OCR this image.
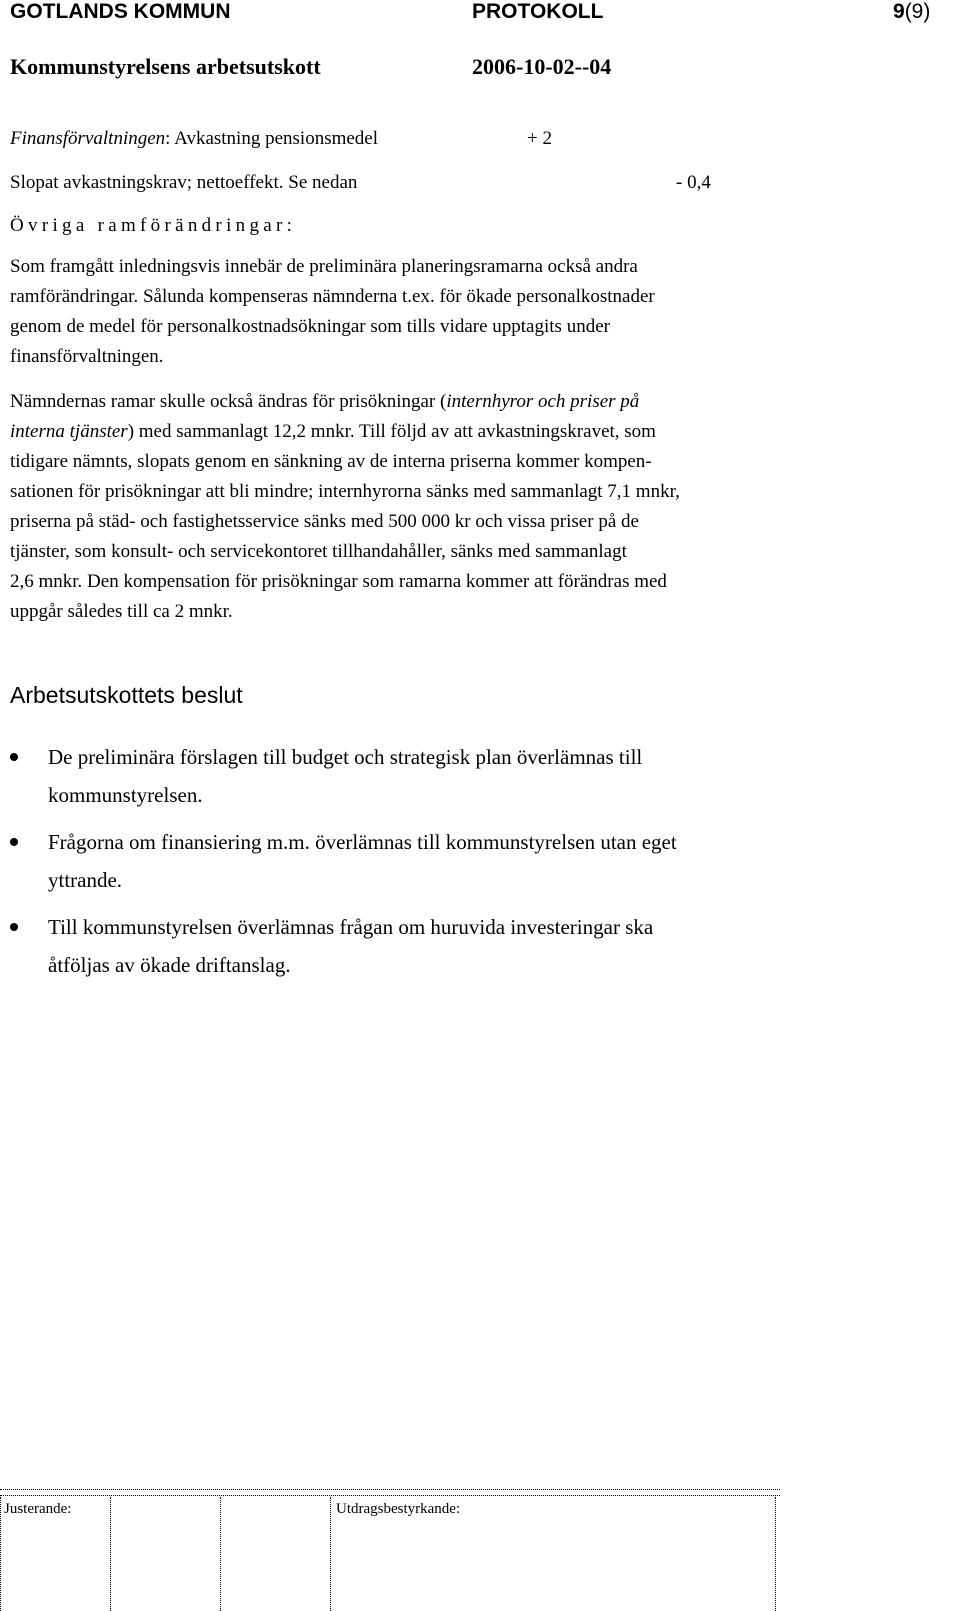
GOTLANDS KOMMUN	PROTOKOLL	9(9)
Kommunstyrelsens arbetsutskott	2006-10-02--04
Finansförvaltningen: Avkastning pensionsmedel	+ 2
Slopat avkastningskrav; nettoeffekt. Se nedan	- 0,4
Övriga ramförändringar:

Som framgått inledningsvis innebär de preliminära planeringsramarna också andra

ramförändringar. Sålunda kompenseras nämnderna t.ex. för ökade personalkostnader

genom de medel för personalkostnadsökningar som tills vidare upptagits under

finansförvaltningen.

Nämndernas ramar skulle också ändras för prisökningar (internhyror och priser på

interna tjänster) med sammanlagt 12,2 mnkr. Till följd av att avkastningskravet, som

tidigare nämnts, slopats genom en sänkning av de interna priserna kommer kompen-

sationen för prisökningar att bli mindre; internhyrorna sänks med sammanlagt 7,1 mnkr,

priserna på städ- och fastighetsservice sänks med 500 000 kr och vissa priser på de

tjänster, som konsult- och servicekontoret tillhandahåller, sänks med sammanlagt

2,6 mnkr. Den kompensation för prisökningar som ramarna kommer att förändras med

uppgår således till ca 2 mnkr.

Arbetsutskottets beslut
De preliminära förslagen till budget och strategisk plan överlämnas till
kommunstyrelsen.
Frågorna om finansiering m.m. överlämnas till kommunstyrelsen utan eget
yttrande.
Till kommunstyrelsen överlämnas frågan om huruvida investeringar ska
åtföljas av ökade driftanslag.
Justerande:	Utdragsbestyrkande:
